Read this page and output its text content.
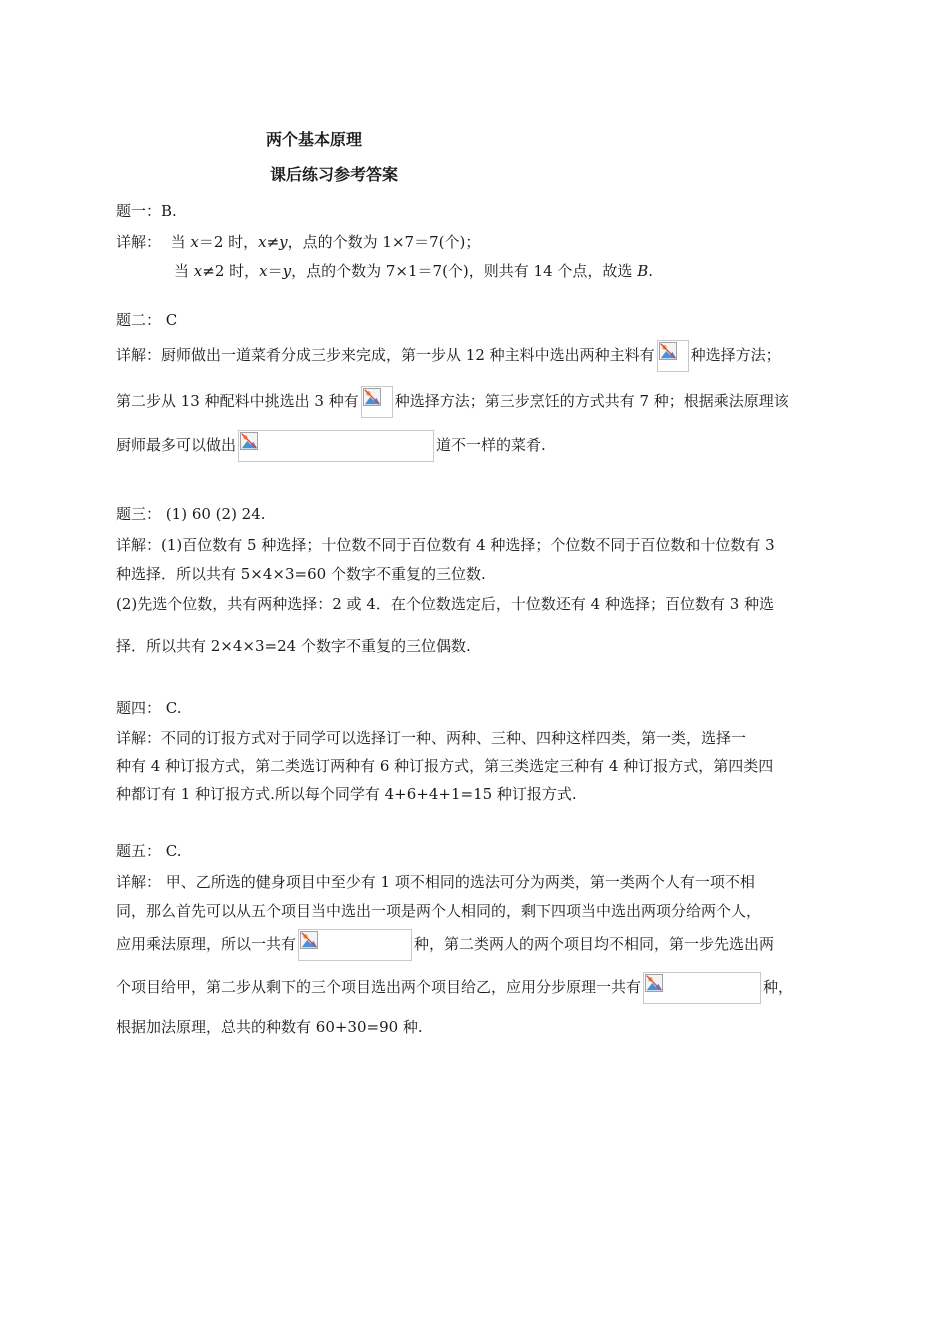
两个基本原理
课后练习参考答案
题一：B.
详解： 当 x＝2 时，x≠y，点的个数为 1×7＝7(个)；
当 x≠2 时，x＝y，点的个数为 7×1＝7(个)，则共有 14 个点，故选 B.
题二： C
详解：厨师做出一道菜肴分成三步来完成，第一步从 12 种主料中选出两种主料有 种选择方法；
第二步从 13 种配料中挑选出 3 种有 种选择方法；第三步烹饪的方式共有 7 种；根据乘法原理该
厨师最多可以做出	道不一样的菜肴.
题三： (1) 60 (2) 24.
详解：(1)百位数有 5 种选择；十位数不同于百位数有 4 种选择；个位数不同于百位数和十位数有 3
种选择．所以共有 5×4×3=60 个数字不重复的三位数.
(2)先选个位数，共有两种选择：2 或 4．在个位数选定后，十位数还有 4 种选择；百位数有 3 种选
择．所以共有 2×4×3=24 个数字不重复的三位偶数.
题四： C.
详解：不同的订报方式对于同学可以选择订一种、两种、三种、四种这样四类，第一类，选择一
种有 4 种订报方式，第二类选订两种有 6 种订报方式，第三类选定三种有 4 种订报方式，第四类四
种都订有 1 种订报方式.所以每个同学有 4+6+4+1=15 种订报方式.
题五： C.
详解： 甲、乙所选的健身项目中至少有 1 项不相同的选法可分为两类，第一类两个人有一项不相
同，那么首先可以从五个项目当中选出一项是两个人相同的，剩下四项当中选出两项分给两个人，
应用乘法原理，所以一共有	种，第二类两人的两个项目均不相同，第一步先选出两
个项目给甲，第二步从剩下的三个项目选出两个项目给乙，应用分步原理一共有	种，
根据加法原理，总共的种数有 60+30=90 种.
